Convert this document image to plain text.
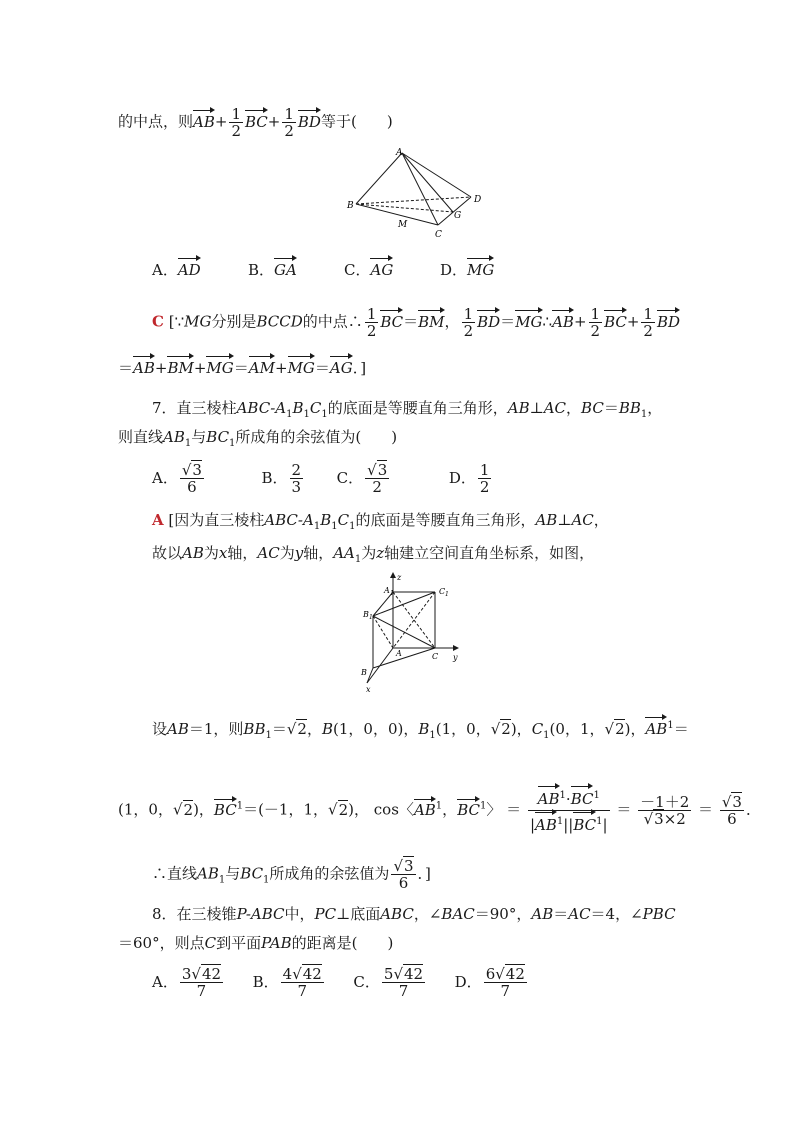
的中点，则$AB+ \frac{1}{2} BC+ \frac{1}{2}$ BD等于(　　)
A
B
D
G
M
C
A．AD	B．GA	C．AG	D．MG
C [∵MG分别是BCCD的中点∴ $\frac{1}{2} BC=BM$， $\frac{1}{2}$ BD＝MG∴AB+ $\frac{1}{2} BC+ \frac{1}{2}$ BD
＝AB+BM+MG＝AM+MG＝AG．]
7．直三棱柱ABC-$A_1B_1C_1$的底面是等腰直角三角形，AB⊥AC，$BC=BB_1$，
则直线$AB_1$与$BC_1$所成角的余弦值为(　　)
A． $\frac{√3}{6}$	B． $\frac{2}{3}$ C． $\frac{√3}{2}$	D． $\frac{1}{2}$
A [因为直三棱柱ABC-$A_1B_1C_1$的底面是等腰直角三角形，AB⊥AC，
故以AB为x轴，AC为y轴，$AA_1$为z轴建立空间直角坐标系，如图，
z
A 1	C 1
B 1
A	C
B
y
x
设AB＝1，则$BB_1=√2$，B(1，0，0)，$B_1(1$，0，√2)，$C_1(0$，1，√2)，$AB^1=$
(1，0，√2)，$BC^1=(-1$，1，√2)， cos〈$AB^1$，$BC^1$〉 ＝ $\frac{AB^1\cdot BC^1}{|AB^1||BC^1|} = \frac{-1+2}{√3\times 2} = \frac{√3}{6}$ ．
∴直线$AB_1$与$BC_1$所成角的余弦值为 $\frac{√3}{6}$ ．]
8．在三棱锥P-ABC中，PC⊥底面ABC，∠BAC＝90°，AB＝AC＝4，∠PBC
＝60°，则点C到平面PAB的距离是(　　)
A． $\frac{3√42}{7}$ B． $\frac{4√42}{7}$ C． $\frac{5√42}{7}$ D． $\frac{6√42}{7}$
